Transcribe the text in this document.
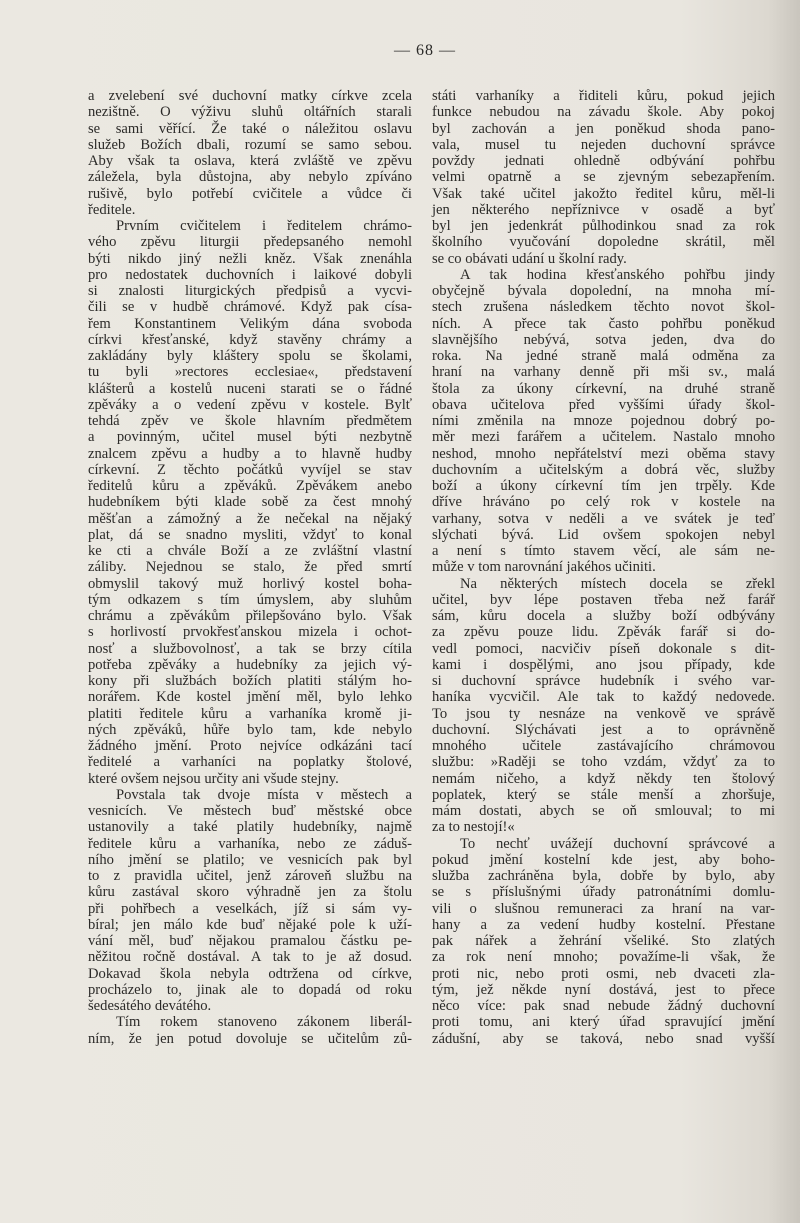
— 68 —
a zvelebení své duchovní matky církve zcela
nezištně. O výživu sluhů oltářních starali
se sami věřící. Že také o náležitou oslavu
služeb Božích dbali, rozumí se samo sebou.
Aby však ta oslava, která zvláště ve zpěvu
záležela, byla důstojna, aby nebylo zpíváno
rušivě, bylo potřebí cvičitele a vůdce či
ředitele.
Prvním cvičitelem i ředitelem chrámo-
vého zpěvu liturgii předepsaného nemohl
býti nikdo jiný nežli kněz. Však znenáhla
pro nedostatek duchovních i laikové dobyli
si znalosti liturgických předpisů a vycvi-
čili se v hudbě chrámové. Když pak císa-
řem Konstantinem Velikým dána svoboda
církvi křesťanské, když stavěny chrámy a
zakládány byly kláštery spolu se školami,
tu byli »rectores ecclesiae«, představení
klášterů a kostelů nuceni starati se o řádné
zpěváky a o vedení zpěvu v kostele. Bylť
tehdá zpěv ve škole hlavním předmětem
a povinným, učitel musel býti nezbytně
znalcem zpěvu a hudby a to hlavně hudby
církevní. Z těchto počátků vyvíjel se stav
ředitelů kůru a zpěváků. Zpěvákem anebo
hudebníkem býti klade sobě za čest mnohý
měšťan a zámožný a že nečekal na nějaký
plat, dá se snadno mysliti, vždyť to konal
ke cti a chvále Boží a ze zvláštní vlastní
záliby. Nejednou se stalo, že před smrtí
obmyslil takový muž horlivý kostel boha-
tým odkazem s tím úmyslem, aby sluhům
chrámu a zpěvákům přilepšováno bylo. Však
s horlivostí prvokřesťanskou mizela i ochot-
nosť a službovolnosť, a tak se brzy cítila
potřeba zpěváky a hudebníky za jejich vý-
kony při službách božích platiti stálým ho-
norářem. Kde kostel jmění měl, bylo lehko
platiti ředitele kůru a varhaníka kromě ji-
ných zpěváků, hůře bylo tam, kde nebylo
žádného jmění. Proto nejvíce odkázáni tací
ředitelé a varhaníci na poplatky štolové,
které ovšem nejsou určity ani všude stejny.
Povstala tak dvoje místa v městech a
vesnicích. Ve městech buď městské obce
ustanovily a také platily hudebníky, najmě
ředitele kůru a varhaníka, nebo ze záduš-
ního jmění se platilo; ve vesnicích pak byl
to z pravidla učitel, jenž zároveň službu na
kůru zastával skoro výhradně jen za štolu
při pohřbech a veselkách, jíž si sám vy-
bíral; jen málo kde buď nějaké pole k uží-
vání měl, buď nějakou pramalou částku pe-
něžitou ročně dostával. A tak to je až dosud.
Dokavad škola nebyla odtržena od církve,
procházelo to, jinak ale to dopadá od roku
šedesátého devátého.
Tím rokem stanoveno zákonem liberál-
ním, že jen potud dovoluje se učitelům zů-
státi varhaníky a řiditeli kůru, pokud jejich
funkce nebudou na závadu škole. Aby pokoj
byl zachován a jen poněkud shoda pano-
vala, musel tu nejeden duchovní správce
povždy jednati ohledně odbývání pohřbu
velmi opatrně a se zjevným sebezapřením.
Však také učitel jakožto ředitel kůru, měl-li
jen některého nepříznivce v osadě a byť
byl jen jedenkrát půlhodinkou snad za rok
školního vyučování dopoledne skrátil, měl
se co obávati udání u školní rady.
A tak hodina křesťanského pohřbu jindy
obyčejně bývala dopolední, na mnoha mí-
stech zrušena následkem těchto novot škol-
ních. A přece tak často pohřbu poněkud
slavnějšího nebývá, sotva jeden, dva do
roka. Na jedné straně malá odměna za
hraní na varhany denně při mši sv., malá
štola za úkony církevní, na druhé straně
obava učitelova před vyššími úřady škol-
ními změnila na mnoze pojednou dobrý po-
měr mezi farářem a učitelem. Nastalo mnoho
neshod, mnoho nepřátelství mezi oběma stavy
duchovním a učitelským a dobrá věc, služby
boží a úkony církevní tím jen trpěly. Kde
dříve hráváno po celý rok v kostele na
varhany, sotva v neděli a ve svátek je teď
slýchati bývá. Lid ovšem spokojen nebyl
a není s tímto stavem věcí, ale sám ne-
může v tom narovnání jakéhos učiniti.
Na některých místech docela se zřekl
učitel, byv lépe postaven třeba než farář
sám, kůru docela a služby boží odbývány
za zpěvu pouze lidu. Zpěvák farář si do-
vedl pomoci, nacvičiv píseň dokonale s dit-
kami i dospělými, ano jsou případy, kde
si duchovní správce hudebník i svého var-
haníka vycvičil. Ale tak to každý nedovede.
To jsou ty nesnáze na venkově ve správě
duchovní. Slýchávati jest a to oprávněně
mnohého učitele zastávajícího chrámovou
službu: »Raději se toho vzdám, vždyť za to
nemám ničeho, a když někdy ten štolový
poplatek, který se stále menší a zhoršuje,
mám dostati, abych se oň smlouval; to mi
za to nestojí!«
To nechť uvážejí duchovní správcové a
pokud jmění kostelní kde jest, aby boho-
služba zachráněna byla, dobře by bylo, aby
se s příslušnými úřady patronátními domlu-
vili o slušnou remuneraci za hraní na var-
hany a za vedení hudby kostelní. Přestane
pak nářek a žehrání všeliké. Sto zlatých
za rok není mnoho; považíme-li však, že
proti nic, nebo proti osmi, neb dvaceti zla-
tým, jež někde nyní dostává, jest to přece
něco více: pak snad nebude žádný duchovní
proti tomu, ani který úřad spravující jmění
zádušní, aby se taková, nebo snad vyšší
